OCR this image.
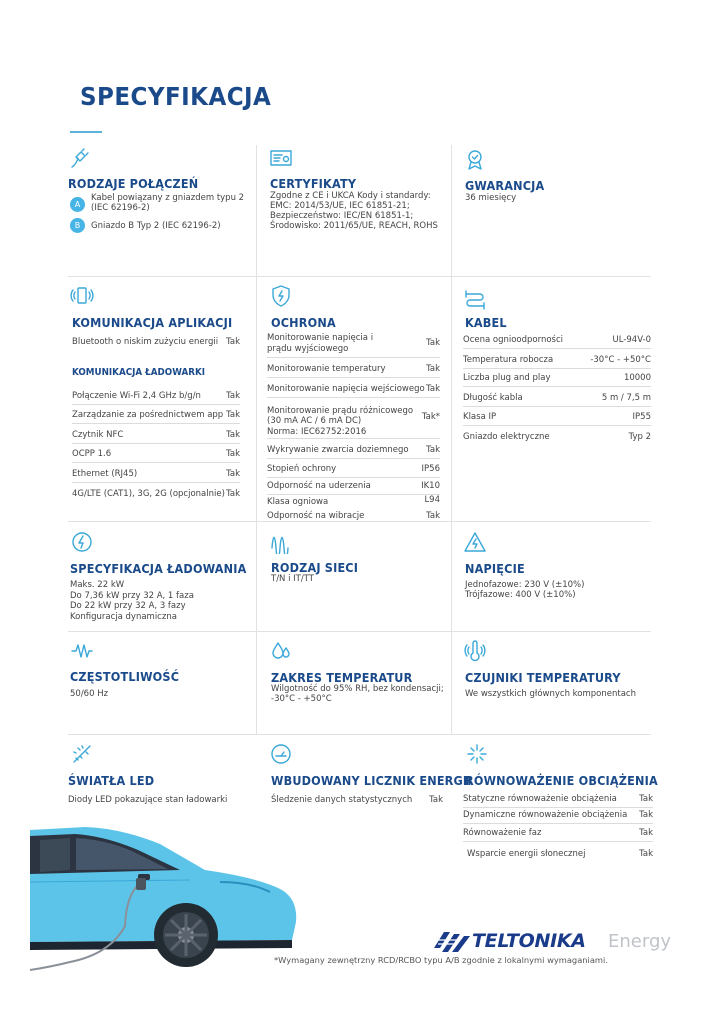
SPECYFIKACJA
RODZAJE POŁĄCZEŃ
A
Kabel powiązany z gniazdem typu 2
(IEC 62196-2)
B	Gniazdo B Typ 2 (IEC 62196-2)
CERTYFIKATY
Zgodne z CE i UKCA Kody i standardy:
EMC: 2014/53/UE, IEC 61851-21;
Bezpieczeństwo: IEC/EN 61851-1;
Środowisko: 2011/65/UE, REACH, ROHS
GWARANCJA
36 miesięcy
KOMUNIKACJA APLIKACJI
Bluetooth o niskim zużyciu energii Tak
KOMUNIKACJA ŁADOWARKI
Połączenie Wi-Fi 2,4 GHz b/g/n	Tak
Zarządzanie za pośrednictwem app Tak
Czytnik NFC	Tak
OCPP 1.6	Tak
Ethernet (RJ45)	Tak
4G/LTE (CAT1), 3G, 2G (opcjonalnie) Tak
OCHRONA
Monitorowanie napięcia i
prądu wyjściowego
Tak
Monitorowanie temperatury	Tak
Monitorowanie napięcia wejściowego Tak
Monitorowanie prądu różnicowego
(30 mA AC / 6 mA DC)
Norma: IEC62752:2016
Tak*
Wykrywanie zwarcia doziemnego Tak
Stopień ochrony	IP56
Odporność na uderzenia	IK10
Klasa ogniowa	L94
Odporność na wibracje	Tak
KABEL
Ocena ognioodporności	UL-94V-0
Temperatura robocza	-30°C - +50°C
Liczba plug and play	10000
Długość kabla	5 m / 7,5 m
Klasa IP	IP55
Gniazdo elektryczne	Typ 2
SPECYFIKACJA ŁADOWANIA
Maks. 22 kW
Do 7,36 kW przy 32 A, 1 faza
Do 22 kW przy 32 A, 3 fazy
Konfiguracja dynamiczna
RODZAJ SIECI
T/N i IT/TT
NAPIĘCIE
Jednofazowe: 230 V (±10%)
Trójfazowe: 400 V (±10%)
CZĘSTOTLIWOŚĆ
50/60 Hz
ZAKRES TEMPERATUR
Wilgotność do 95% RH, bez kondensacji;
-30°C - +50°C
CZUJNIKI TEMPERATURY
We wszystkich głównych komponentach
ŚWIATŁA LED
Diody LED pokazujące stan ładowarki
WBUDOWANY LICZNIK ENERGII
Śledzenie danych statystycznych Tak
RÓWNOWAŻENIE OBCIĄŻENIA
Statyczne równoważenie obciążenia	Tak
Dynamiczne równoważenie obciążenia Tak
Równoważenie faz	Tak
Wsparcie energii słonecznej	Tak
TELTONIKA Energy
*Wymagany zewnętrzny RCD/RCBO typu A/B zgodnie z lokalnymi wymaganiami.
